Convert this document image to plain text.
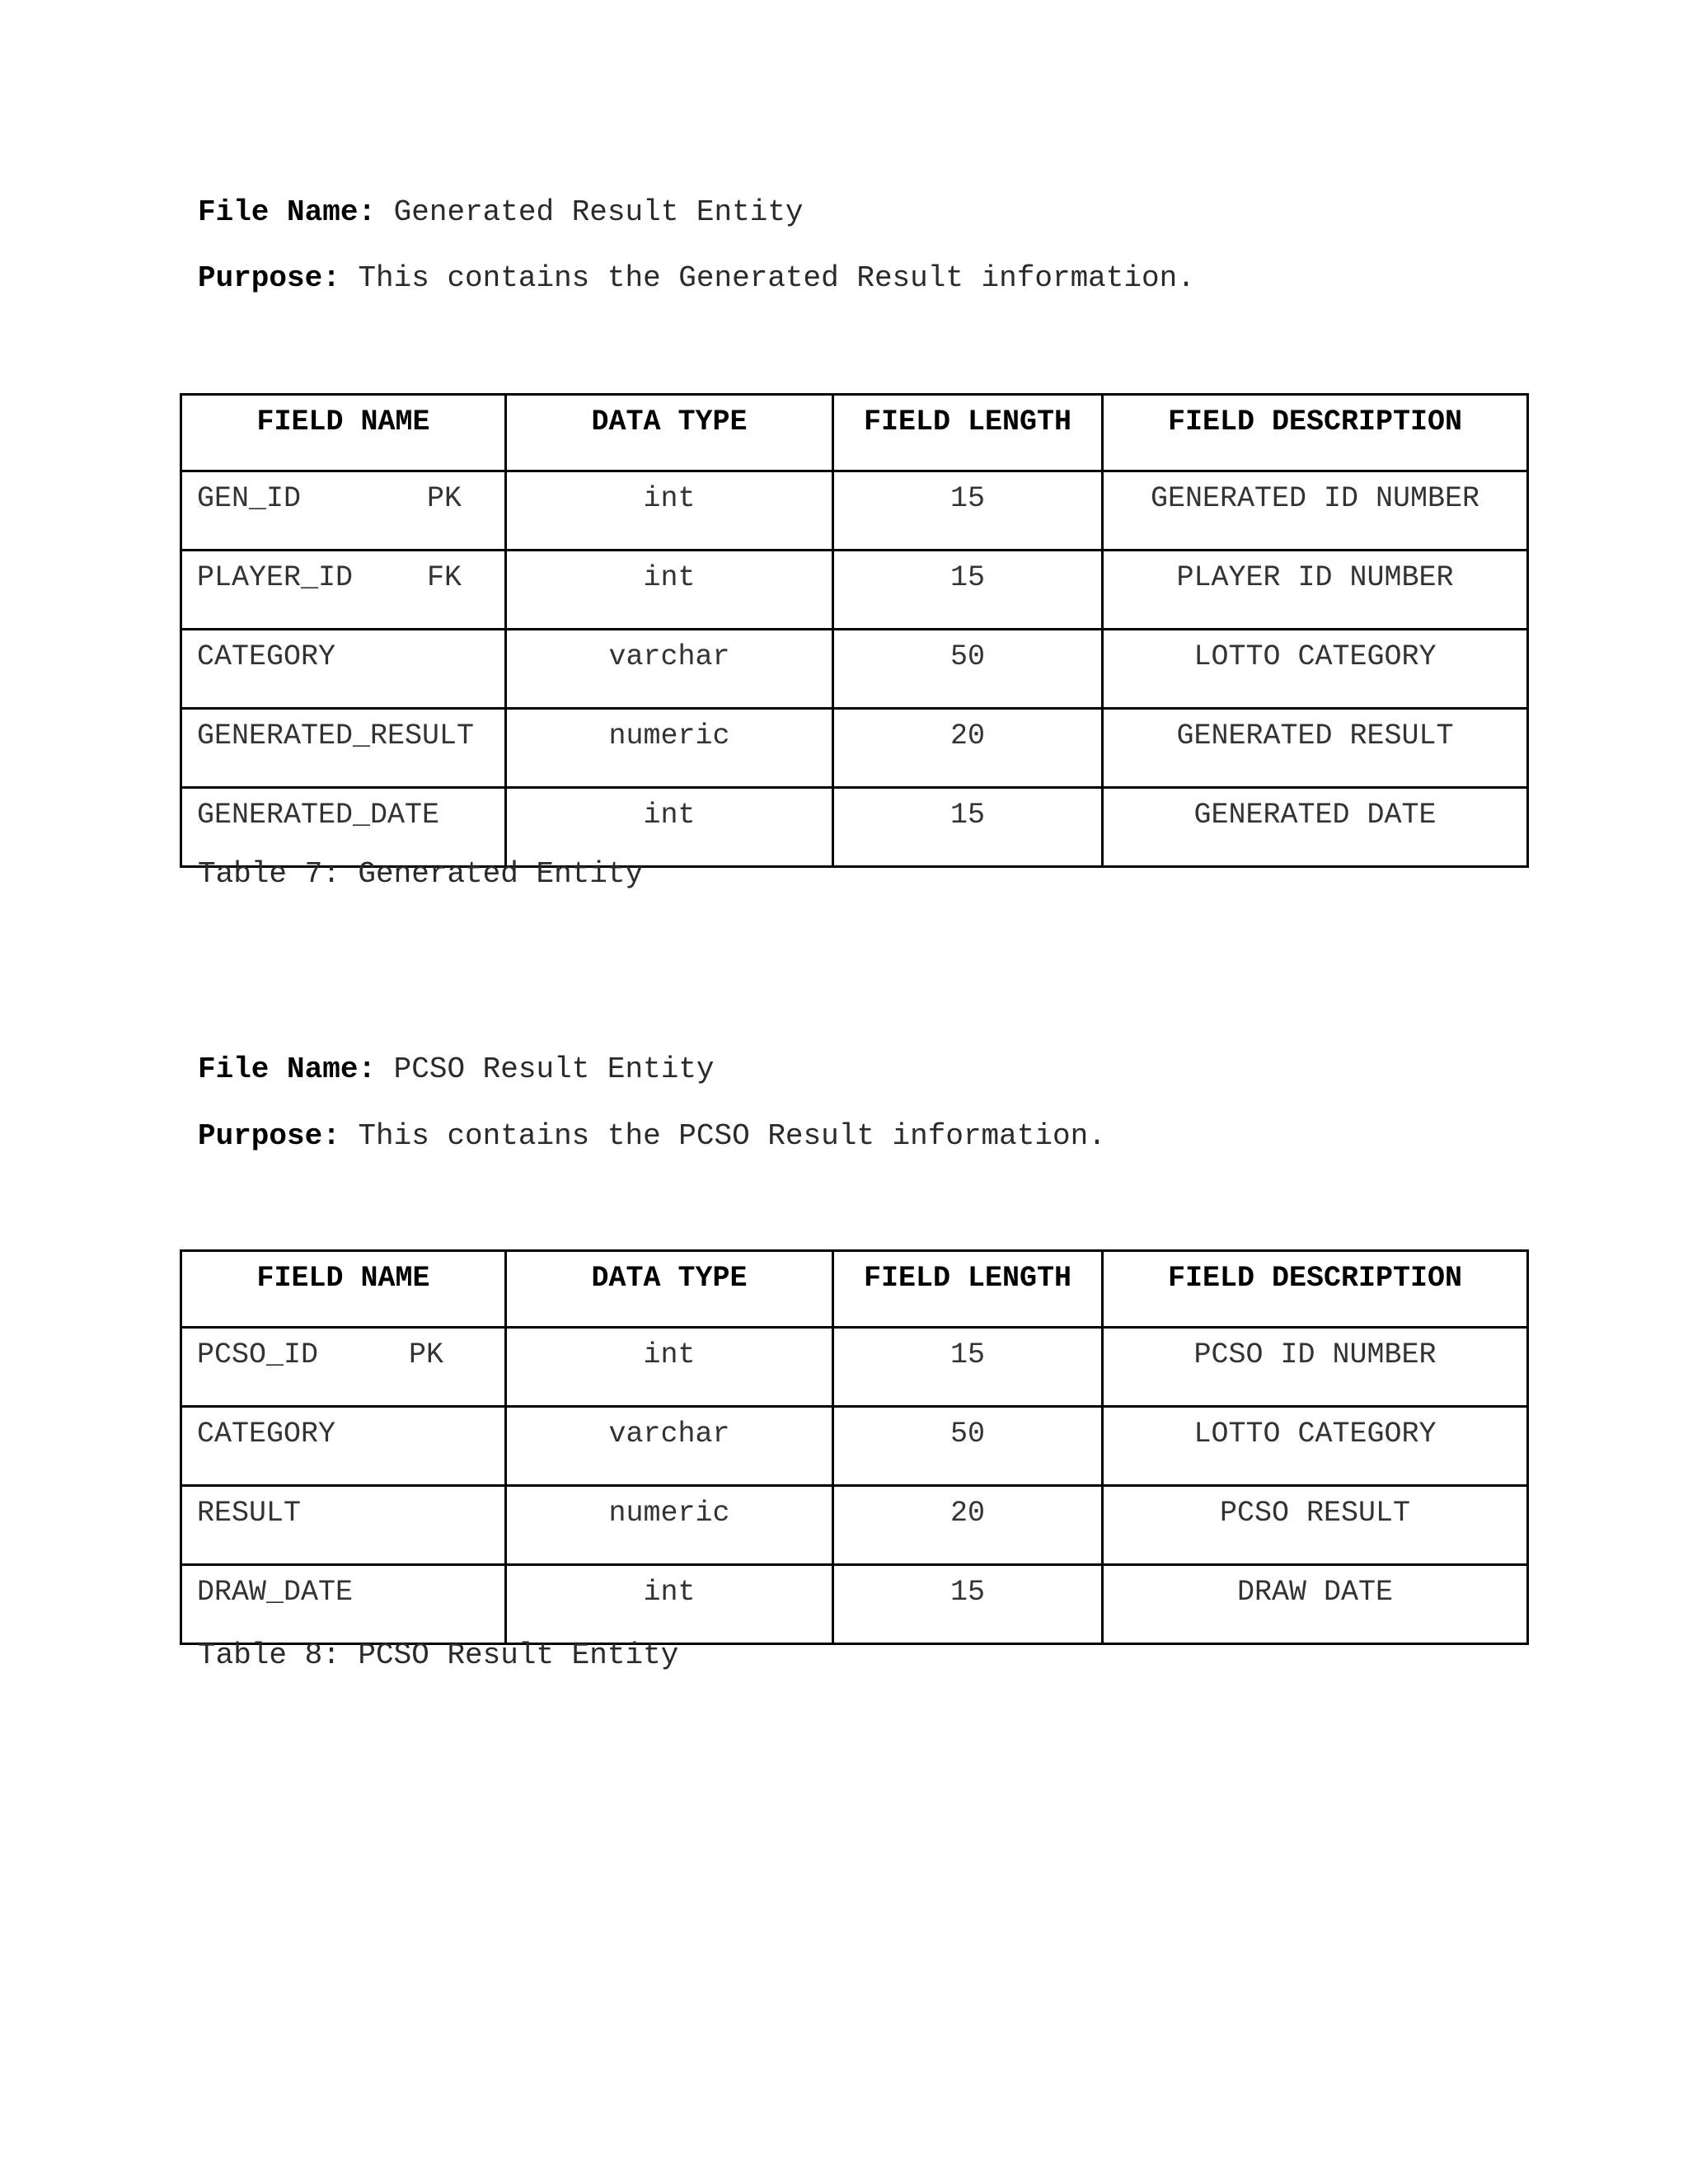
File Name: Generated Result Entity
Purpose: This contains the Generated Result information.
FIELD NAME	DATA TYPE	FIELD LENGTH	FIELD DESCRIPTION
GEN_ID PK	int	15	GENERATED ID NUMBER
PLAYER_ID FK	int	15	PLAYER ID NUMBER
CATEGORY	varchar	50	LOTTO CATEGORY
GENERATED_RESULT	numeric	20	GENERATED RESULT
GENERATED_DATE	int	15	GENERATED DATE
Table 7: Generated Entity
File Name: PCSO Result Entity
Purpose: This contains the PCSO Result information.
FIELD NAME	DATA TYPE	FIELD LENGTH	FIELD DESCRIPTION
PCSO_ID PK	int	15	PCSO ID NUMBER
CATEGORY	varchar	50	LOTTO CATEGORY
RESULT	numeric	20	PCSO RESULT
DRAW_DATE	int	15	DRAW DATE
Table 8: PCSO Result Entity
